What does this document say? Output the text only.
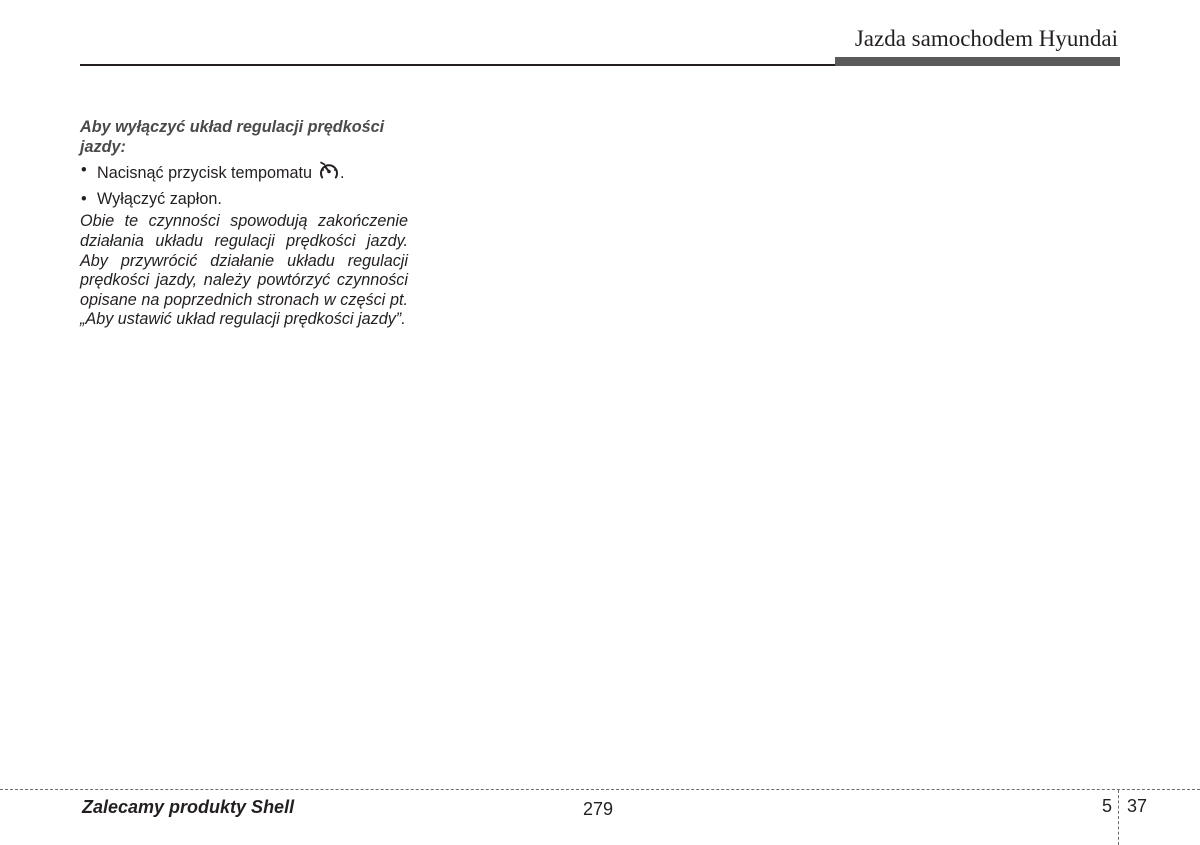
Jazda samochodem Hyundai

Aby wyłączyć układ regulacji prędkości jazdy:

• Nacisnąć przycisk tempomatu .
• Wyłączyć zapłon.

Obie te czynności spowodują zakończenie działania układu regulacji prędkości jazdy. Aby przywrócić działanie układu regulacji prędkości jazdy, należy powtórzyć czynności opisane na poprzednich stronach w części pt. „Aby ustawić układ regulacji prędkości jazdy”.

Zalecamy produkty Shell	279	5 37
